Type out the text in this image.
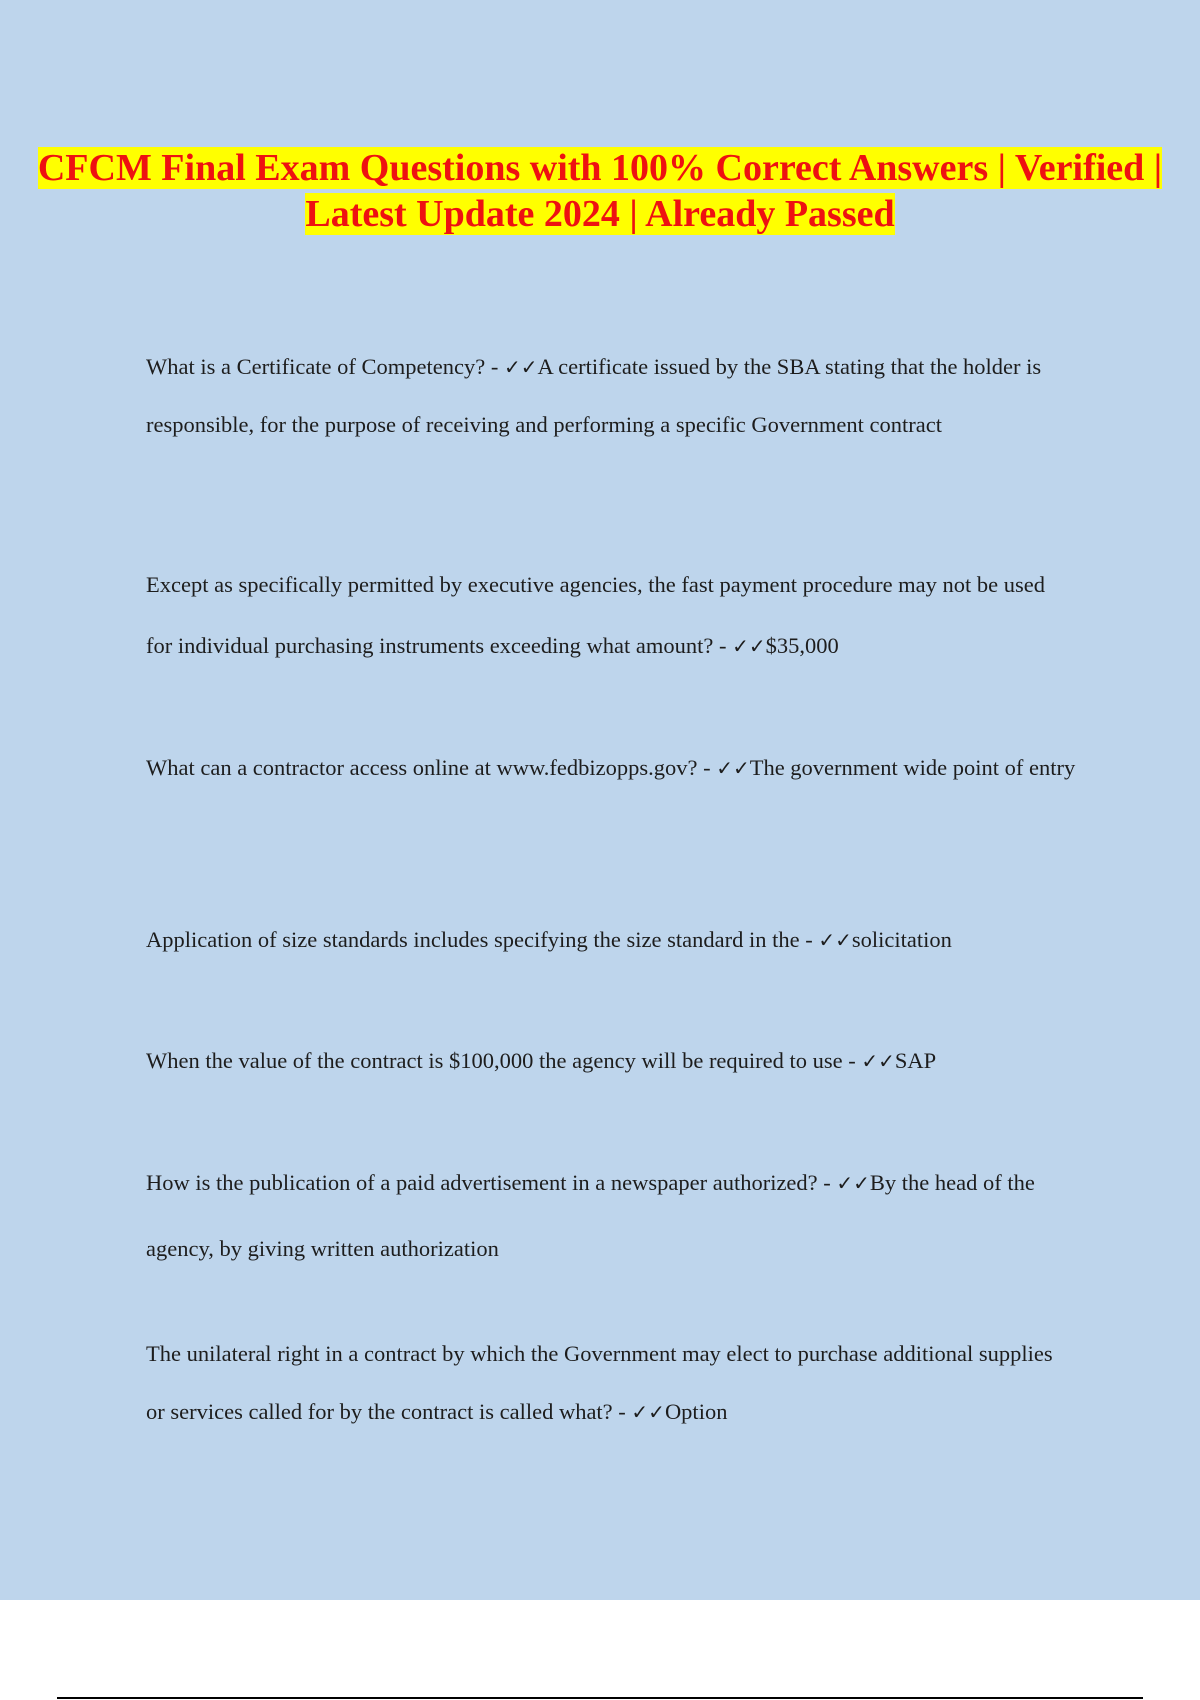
CFCM Final Exam Questions with 100% Correct Answers | Verified | Latest Update 2024 | Already Passed

What is a Certificate of Competency? - ✓✓A certificate issued by the SBA stating that the holder is responsible, for the purpose of receiving and performing a specific Government contract

Except as specifically permitted by executive agencies, the fast payment procedure may not be used for individual purchasing instruments exceeding what amount? - ✓✓$35,000

What can a contractor access online at www.fedbizopps.gov? - ✓✓The government wide point of entry

Application of size standards includes specifying the size standard in the - ✓✓solicitation

When the value of the contract is $100,000 the agency will be required to use - ✓✓SAP

How is the publication of a paid advertisement in a newspaper authorized? - ✓✓By the head of the agency, by giving written authorization

The unilateral right in a contract by which the Government may elect to purchase additional supplies or services called for by the contract is called what? - ✓✓Option
